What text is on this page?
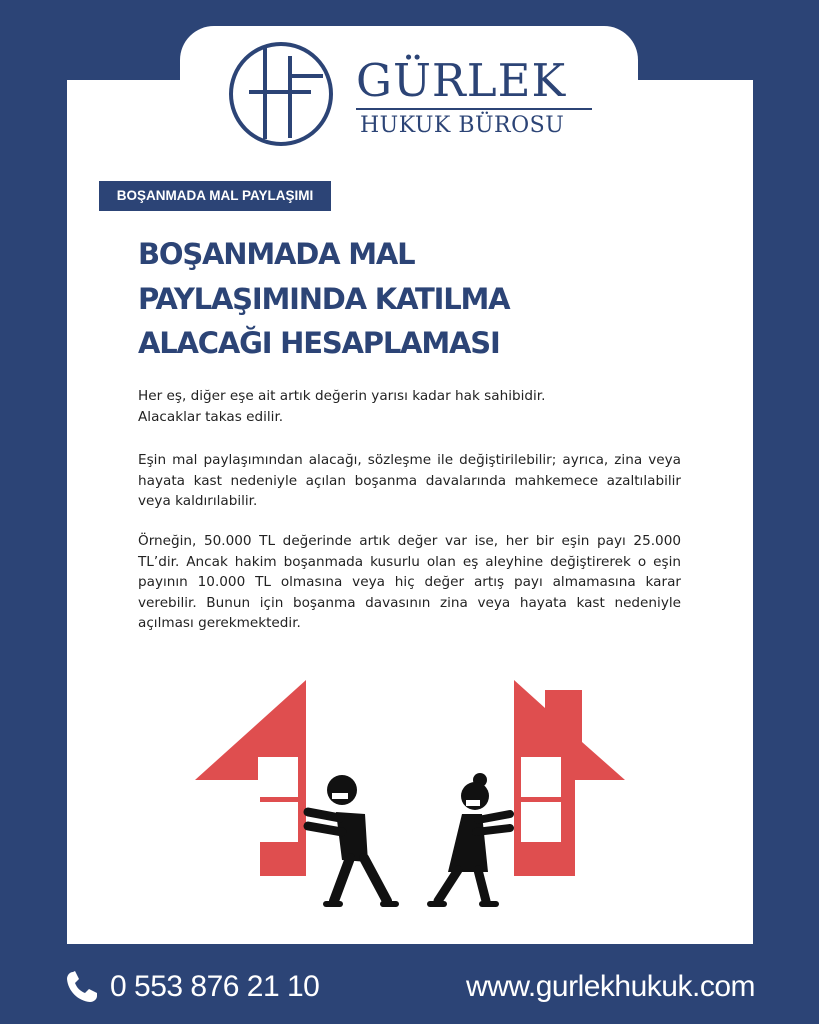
GÜRLEK
HUKUK BÜROSU
BOŞANMADA MAL PAYLAŞIMI
BOŞANMADA MAL
PAYLAŞIMINDA KATILMA
ALACAĞI HESAPLAMASI

Her eş, diğer eşe ait artık değerin yarısı kadar hak sahibidir.
Alacaklar takas edilir.

Eşin mal paylaşımından alacağı, sözleşme ile değiştirilebilir; ayrıca, zina veya hayata kast nedeniyle açılan boşanma davalarında mahkemece azaltılabilir veya kaldırılabilir.

Örneğin, 50.000 TL değerinde artık değer var ise, her bir eşin payı 25.000 TL’dir. Ancak hakim boşanmada kusurlu olan eş aleyhine değiştirerek o eşin payının 10.000 TL olmasına veya hiç değer artış payı almamasına karar verebilir. Bunun için boşanma davasının zina veya hayata kast nedeniyle açılması gerekmektedir.

0 553 876 21 10	www.gurlekhukuk.com
